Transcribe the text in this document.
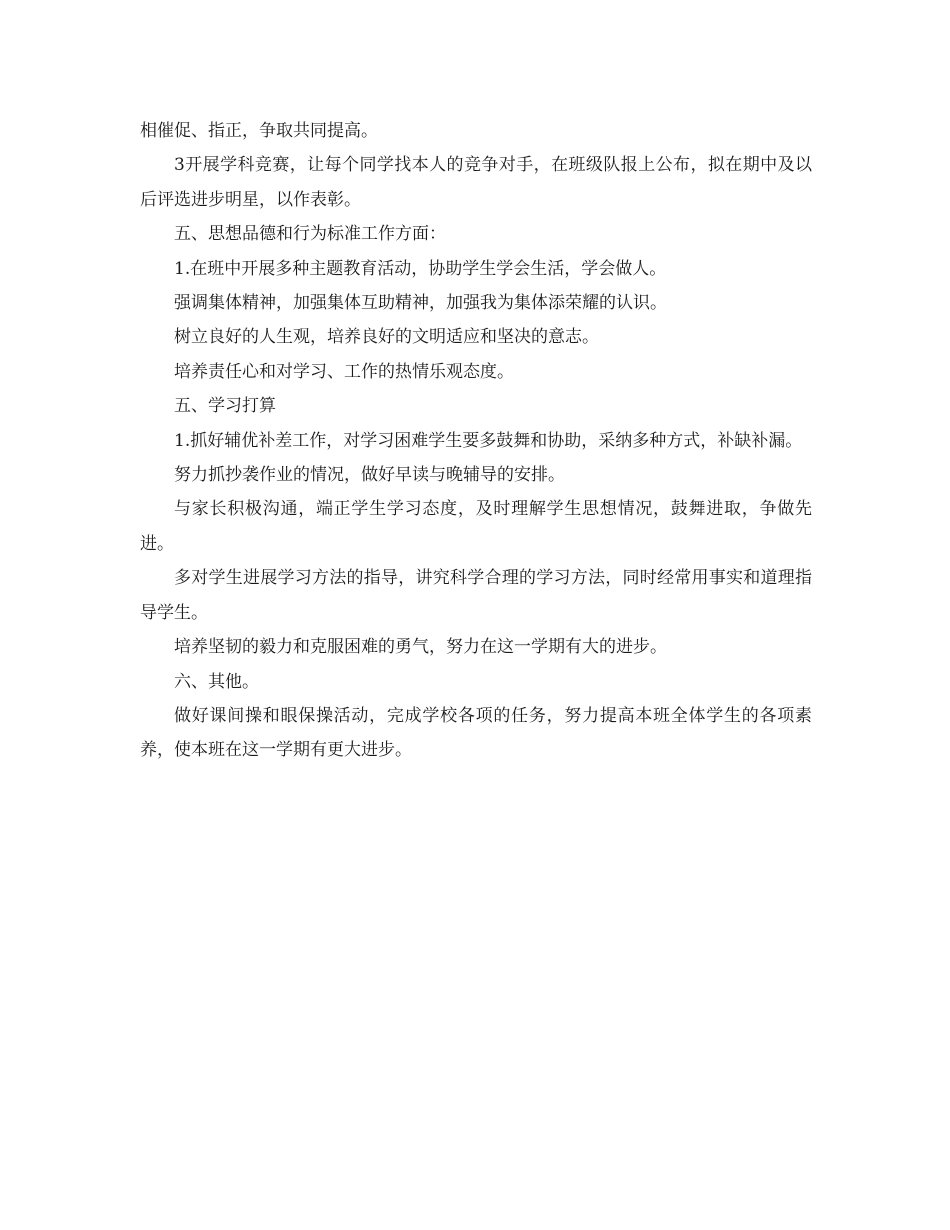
相催促、指正，争取共同提高。

3开展学科竞赛，让每个同学找本人的竞争对手，在班级队报上公布，拟在期中及以后评选进步明星，以作表彰。

五、思想品德和行为标准工作方面：

1.在班中开展多种主题教育活动，协助学生学会生活，学会做人。

强调集体精神，加强集体互助精神，加强我为集体添荣耀的认识。

树立良好的人生观，培养良好的文明适应和坚决的意志。

培养责任心和对学习、工作的热情乐观态度。

五、学习打算

1.抓好辅优补差工作，对学习困难学生要多鼓舞和协助，采纳多种方式，补缺补漏。

努力抓抄袭作业的情况，做好早读与晚辅导的安排。

与家长积极沟通，端正学生学习态度，及时理解学生思想情况，鼓舞进取，争做先进。

多对学生进展学习方法的指导，讲究科学合理的学习方法，同时经常用事实和道理指导学生。

培养坚韧的毅力和克服困难的勇气，努力在这一学期有大的进步。

六、其他。

做好课间操和眼保操活动，完成学校各项的任务，努力提高本班全体学生的各项素养，使本班在这一学期有更大进步。
